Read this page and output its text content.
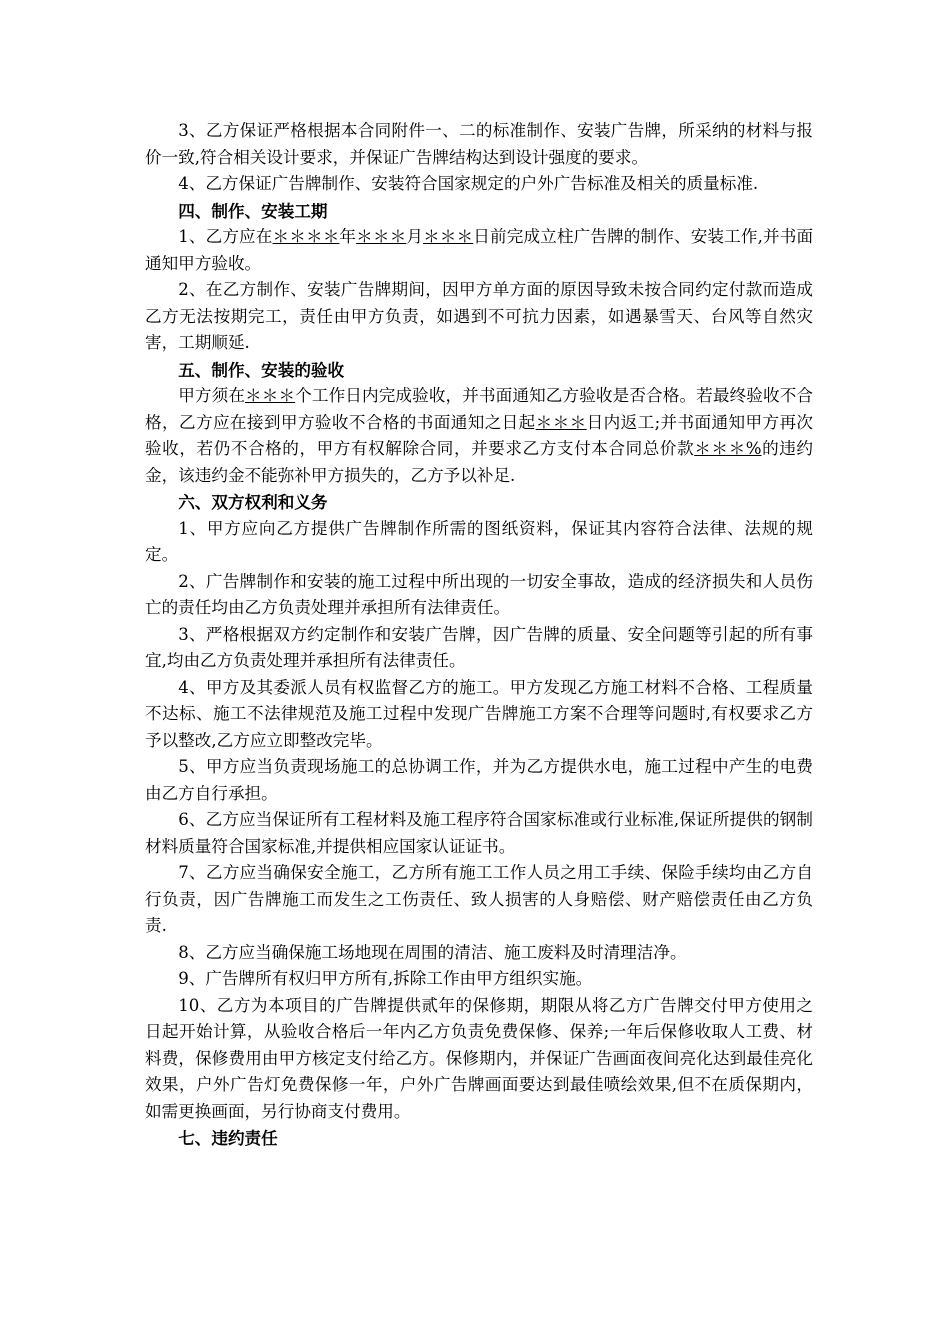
3、乙方保证严格根据本合同附件一、二的标准制作、安装广告牌，所采纳的材料与报价一致,符合相关设计要求，并保证广告牌结构达到设计强度的要求。

4、乙方保证广告牌制作、安装符合国家规定的户外广告标准及相关的质量标准.

四、制作、安装工期

1、乙方应在＊＊＊＊年＊＊＊月＊＊＊日前完成立柱广告牌的制作、安装工作,并书面通知甲方验收。

2、在乙方制作、安装广告牌期间，因甲方单方面的原因导致未按合同约定付款而造成乙方无法按期完工，责任由甲方负责，如遇到不可抗力因素，如遇暴雪天、台风等自然灾害，工期顺延.

五、制作、安装的验收

甲方须在＊＊＊个工作日内完成验收，并书面通知乙方验收是否合格。若最终验收不合格，乙方应在接到甲方验收不合格的书面通知之日起＊＊＊日内返工;并书面通知甲方再次验收，若仍不合格的，甲方有权解除合同，并要求乙方支付本合同总价款＊＊＊%的违约金，该违约金不能弥补甲方损失的，乙方予以补足.

六、双方权利和义务

1、甲方应向乙方提供广告牌制作所需的图纸资料，保证其内容符合法律、法规的规定。

2、广告牌制作和安装的施工过程中所出现的一切安全事故，造成的经济损失和人员伤亡的责任均由乙方负责处理并承担所有法律责任。

3、严格根据双方约定制作和安装广告牌，因广告牌的质量、安全问题等引起的所有事宜,均由乙方负责处理并承担所有法律责任。

4、甲方及其委派人员有权监督乙方的施工。甲方发现乙方施工材料不合格、工程质量不达标、施工不法律规范及施工过程中发现广告牌施工方案不合理等问题时,有权要求乙方予以整改,乙方应立即整改完毕。

5、甲方应当负责现场施工的总协调工作，并为乙方提供水电，施工过程中产生的电费由乙方自行承担。

6、乙方应当保证所有工程材料及施工程序符合国家标准或行业标准,保证所提供的钢制材料质量符合国家标准,并提供相应国家认证证书。

7、乙方应当确保安全施工，乙方所有施工工作人员之用工手续、保险手续均由乙方自行负责，因广告牌施工而发生之工伤责任、致人损害的人身赔偿、财产赔偿责任由乙方负责.

8、乙方应当确保施工场地现在周围的清洁、施工废料及时清理洁净。

9、广告牌所有权归甲方所有,拆除工作由甲方组织实施。

10、乙方为本项目的广告牌提供贰年的保修期，期限从将乙方广告牌交付甲方使用之日起开始计算，从验收合格后一年内乙方负责免费保修、保养;一年后保修收取人工费、材料费，保修费用由甲方核定支付给乙方。保修期内，并保证广告画面夜间亮化达到最佳亮化效果，户外广告灯免费保修一年，户外广告牌画面要达到最佳喷绘效果,但不在质保期内，如需更换画面，另行协商支付费用。

七、违约责任
